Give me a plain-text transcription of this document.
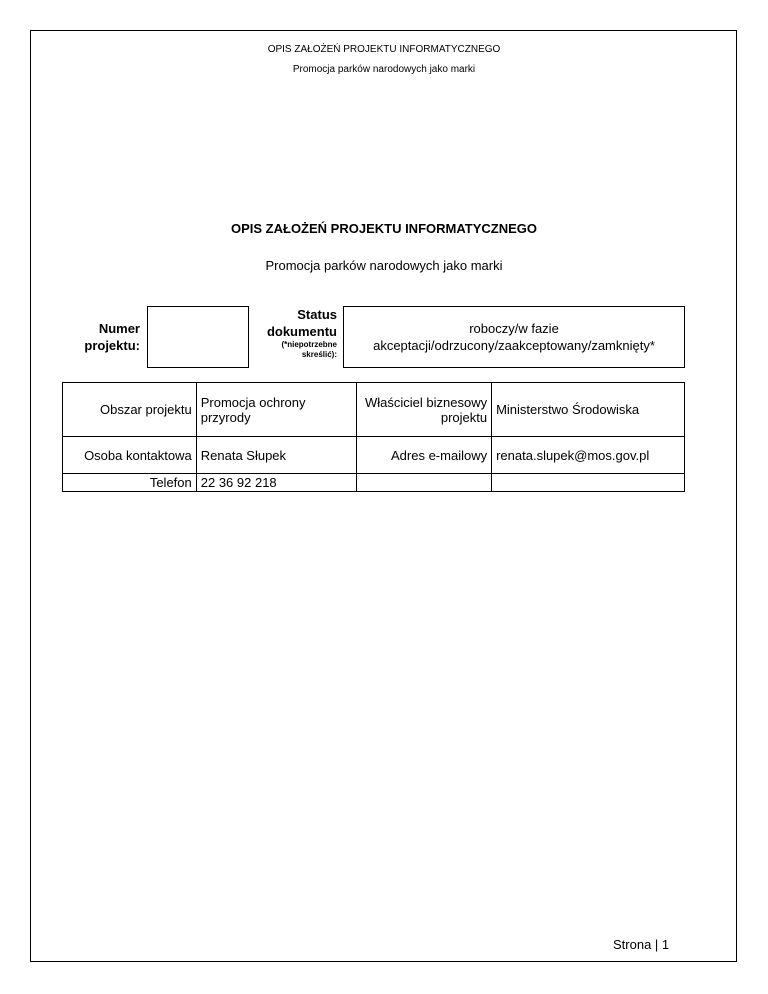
OPIS ZAŁOŻEŃ PROJEKTU INFORMATYCZNEGO
Promocja parków narodowych jako marki
OPIS ZAŁOŻEŃ PROJEKTU INFORMATYCZNEGO
Promocja parków narodowych jako marki
Numer
projektu:
Status
dokumentu
(*niepotrzebne
skreślić):
roboczy/w fazie
akceptacji/odrzucony/zaakceptowany/zamknięty*
Obszar projektu	Promocja ochrony przyrody	Właściciel biznesowy projektu	Ministerstwo Środowiska
Osoba kontaktowa	Renata Słupek	Adres e-mailowy	renata.slupek@mos.gov.pl
Telefon	22 36 92 218		
Strona | 1
